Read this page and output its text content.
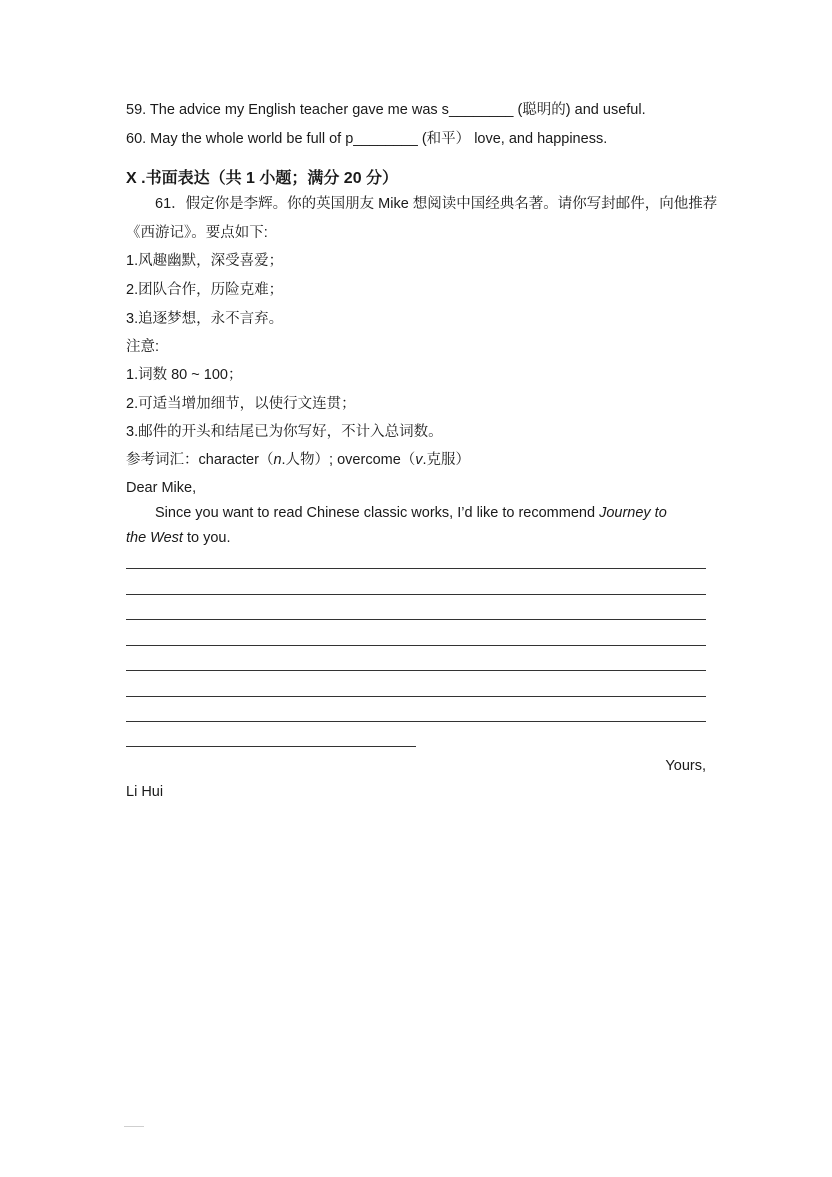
59. The advice my English teacher gave me was s________ (聪明的) and useful.
60. May the whole world be full of p________ (和平） love, and happiness.
X .书面表达（共 1 小题；满分 20 分）
61．假定你是李辉。你的英国朋友 Mike 想阅读中国经典名著。请你写封邮件，向他推荐
《西游记》。要点如下:
1.风趣幽默，深受喜爱；
2.团队合作，历险克难；
3.追逐梦想，永不言弃。
注意:
1.词数 80 ~ 100；
2.可适当增加细节，以使行文连贯；
3.邮件的开头和结尾已为你写好，不计入总词数。
参考词汇：character（n.人物）; overcome（v.克服）
Dear Mike,
Since you want to read Chinese classic works, I’d like to recommend Journey to
the West to you.
Yours,
Li Hui
